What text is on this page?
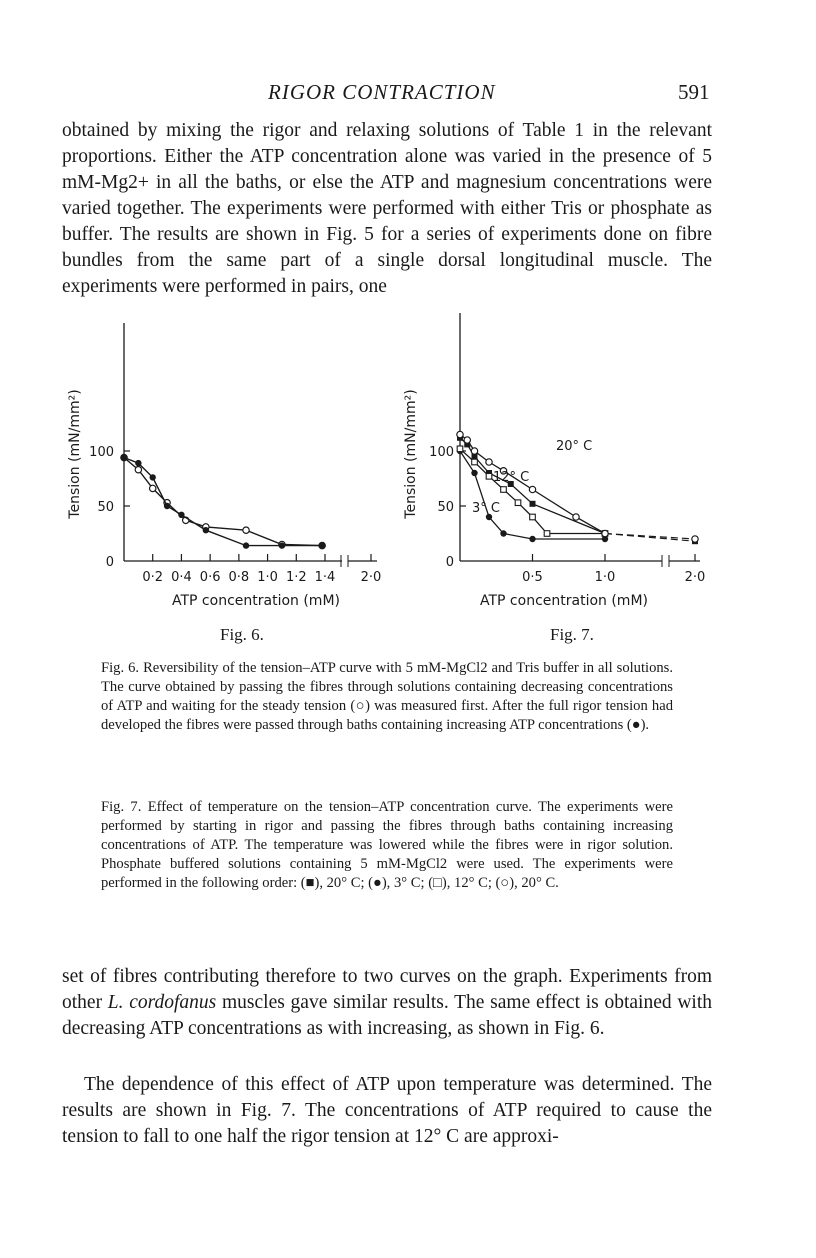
RIGOR CONTRACTION	591

obtained by mixing the rigor and relaxing solutions of Table 1 in the relevant proportions. Either the ATP concentration alone was varied in the presence of 5 mM-Mg2+ in all the baths, or else the ATP and magnesium concentrations were varied together. The experiments were performed with either Tris or phosphate as buffer. The results are shown in Fig. 5 for a series of experiments done on fibre bundles from the same part of a single dorsal longitudinal muscle. The experiments were performed in pairs, one

0
50
100
0·2 0·4 0·6 0·8 1·0 1·2 1·4 2·0
ATP concentration (mM)
Tension (mN/mm²)
Fig. 6.
0
50
100
0·5	1·0	2·0
ATP concentration (mM)
Tension (mN/mm²)	20° C
12° C
3° C
Fig. 7.

Fig. 6. Reversibility of the tension–ATP curve with 5 mM-MgCl2 and Tris buffer in all solutions. The curve obtained by passing the fibres through solutions containing decreasing concentrations of ATP and waiting for the steady tension (○) was measured first. After the full rigor tension had developed the fibres were passed through baths containing increasing ATP concentrations (●).

Fig. 7. Effect of temperature on the tension–ATP concentration curve. The experiments were performed by starting in rigor and passing the fibres through baths containing increasing concentrations of ATP. The temperature was lowered while the fibres were in rigor solution. Phosphate buffered solutions containing 5 mM-MgCl2 were used. The experiments were performed in the following order: (■), 20° C; (●), 3° C; (□), 12° C; (○), 20° C.

set of fibres contributing therefore to two curves on the graph. Experiments from other L. cordofanus muscles gave similar results. The same effect is obtained with decreasing ATP concentrations as with increasing, as shown in Fig. 6.

The dependence of this effect of ATP upon temperature was determined. The results are shown in Fig. 7. The concentrations of ATP required to cause the tension to fall to one half the rigor tension at 12° C are approxi-
